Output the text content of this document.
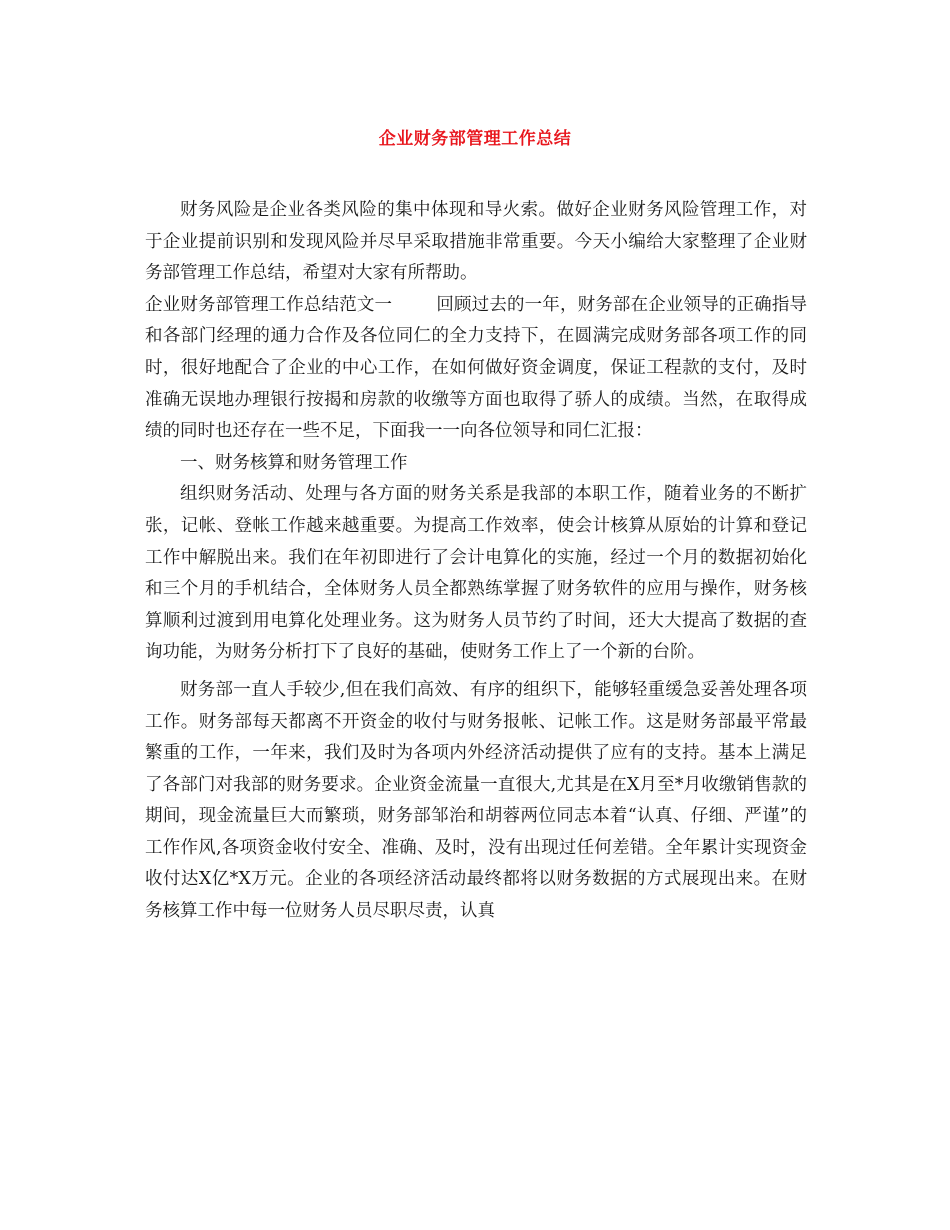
企业财务部管理工作总结

财务风险是企业各类风险的集中体现和导火索。做好企业财务风险管理工作，对于企业提前识别和发现风险并尽早采取措施非常重要。今天小编给大家整理了企业财务部管理工作总结，希望对大家有所帮助。

企业财务部管理工作总结范文一	回顾过去的一年，财务部在企业领导的正确指导和各部门经理的通力合作及各位同仁的全力支持下，在圆满完成财务部各项工作的同时，很好地配合了企业的中心工作，在如何做好资金调度，保证工程款的支付，及时准确无误地办理银行按揭和房款的收缴等方面也取得了骄人的成绩。当然，在取得成绩的同时也还存在一些不足，下面我一一向各位领导和同仁汇报：

一、财务核算和财务管理工作

组织财务活动、处理与各方面的财务关系是我部的本职工作，随着业务的不断扩张，记帐、登帐工作越来越重要。为提高工作效率，使会计核算从原始的计算和登记工作中解脱出来。我们在年初即进行了会计电算化的实施，经过一个月的数据初始化和三个月的手机结合，全体财务人员全都熟练掌握了财务软件的应用与操作，财务核算顺利过渡到用电算化处理业务。这为财务人员节约了时间，还大大提高了数据的查询功能，为财务分析打下了良好的基础，使财务工作上了一个新的台阶。

财务部一直人手较少,但在我们高效、有序的组织下，能够轻重缓急妥善处理各项工作。财务部每天都离不开资金的收付与财务报帐、记帐工作。这是财务部最平常最繁重的工作，一年来，我们及时为各项内外经济活动提供了应有的支持。基本上满足了各部门对我部的财务要求。企业资金流量一直很大,尤其是在X月至*月收缴销售款的期间，现金流量巨大而繁琐，财务部邹治和胡蓉两位同志本着“认真、仔细、严谨”的工作作风,各项资金收付安全、准确、及时，没有出现过任何差错。全年累计实现资金收付达X亿*X万元。企业的各项经济活动最终都将以财务数据的方式展现出来。在财务核算工作中每一位财务人员尽职尽责，认真
